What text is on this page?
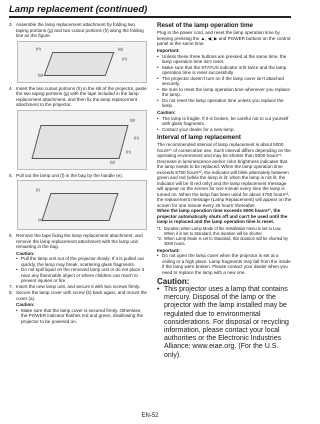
Lamp replacement (continued)
3. Assemble the lamp replacement attachment by folding two taping portions (g) and two cutout portions (h) along the folding line as the figure.
(h)	(g)
(g)
(h)
4. Insert the two cutout portions (h) in the slit of the projector, paste the two taping portions (g) with the tape included in the lamp replacement attachment, and then fix the lamp replacement attachment to the projector.
(g)
(h)
(h)
(g)
5. Pull out the lamp unit (f) in the bag by the handle (e).
(f)
(e)
6. Remove the tape fixing the lamp replacement attachment, and remove the lamp replacement attachment with the lamp unit remaining in the bag.
Caution:
• Pull the lamp unit out of the projector slowly. If it is pulled out quickly, the lamp may break, scattering glass fragments.
• Do not spill liquid on the removed lamp unit or do not place it near any flammable object or where children can reach to prevent injuries or fire.
7. Insert the new lamp unit, and secure it with two screws firmly.
8. Secure the lamp cover with screw (b) back again, and mount the cover (a).
Caution:
• Make sure that the lamp cover is secured firmly. Otherwise, the POWER indicator flashes red and green, disallowing the projector to be powered on.
Reset of the lamp operation time

Plug in the power cord, and reset the lamp operation time by keeping pressing the ▲, ◀, ▶ and POWER buttons on the control panel at the same time.

Important:
• Unless these three buttons are pressed at the same time, the lamp operation time isn't reset.
• Make sure that the STATUS indicator is lit twice and the lamp operation time is reset successfully.
• The projector doesn't turn on if the lamp cover isn't attached securely.
• Be sure to reset the lamp operation time whenever you replace the lamp.
• Do not reset the lamp operation time unless you replace the lamp.
Caution:
• The lamp is fragile. If it is broken, be careful not to cut yourself with glass fragments.
• Contact your dealer for a new lamp.
Interval of lamp replacement

The recommended interval of lamp replacement is about 5000 hours*¹ of consecutive use. Such interval differs depending on the operating environment and may be shorter than 5000 hours*¹. Decrease in luminescence and/or color brightness indicates that the lamp needs to be replaced. When the lamp operation time exceeds 5750 hours*², the indicator will blink alternately between green and red (while the lamp is lit; when the lamp is not lit, the indicator will be lit red only) and the lamp replacement message will appear on the screen for one minute every time the lamp is turned on. When the lamp has been used for about 4750 hours*², the replacement message (Lamp Replacement) will appear on the screen for one minute every 25 hours' thereafter.

When the lamp operation time exceeds 5000 hours*¹, the projector automatically shuts off and can't be used until the lamp is replaced and the lamp operation time is reset.

*1: Duration when Lamp Mode of the Installation menu is set to Low. When it is set to Standard, this duration will be shorter.
*2: When Lamp Mode is set to Standard, this duration will be shorted by 3000 hours.
Important:
• Do not open the lamp cover when the projector is set at a ceiling or a high place. Lamp fragments may fall from the inside if the lamp were broken. Please contact your dealer when you need to replace the lamp with a new one.
Caution:
• This projector uses a lamp that contains mercury. Disposal of the lamp or the projector with the lamp installed may be regulated due to environmental considerations. For disposal or recycling information, please contact your local authorities or the Electronic Industries Alliance: www.eiae.org. (For the U.S. only).
EN-52
